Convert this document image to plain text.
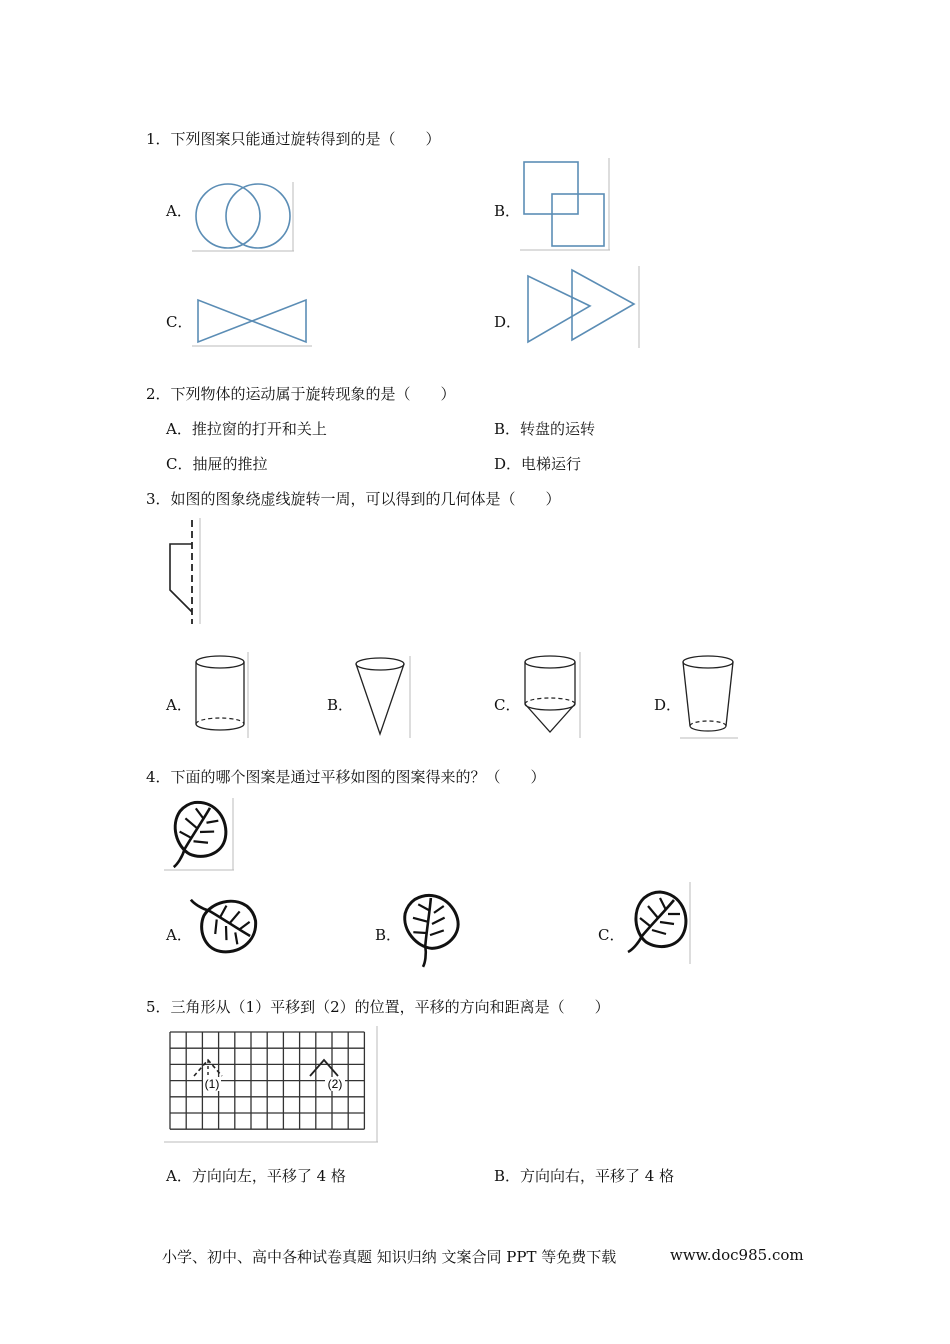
1．下列图案只能通过旋转得到的是（　　）
A．	B．
C．	D．
2．下列物体的运动属于旋转现象的是（　　）
A．推拉窗的打开和关上	B．转盘的运转
C．抽屉的推拉	D．电梯运行
3．如图的图象绕虚线旋转一周，可以得到的几何体是（　　）
A．	B．	C．	D．
4．下面的哪个图案是通过平移如图的图案得来的？（　　）
A．	B．	C．
5．三角形从（1）平移到（2）的位置，平移的方向和距离是（　　）
(1)	(2)
A．方向向左，平移了 4 格	B．方向向右，平移了 4 格
小学、初中、高中各种试卷真题 知识归纳 文案合同 PPT 等免费下载	www.doc985.com
